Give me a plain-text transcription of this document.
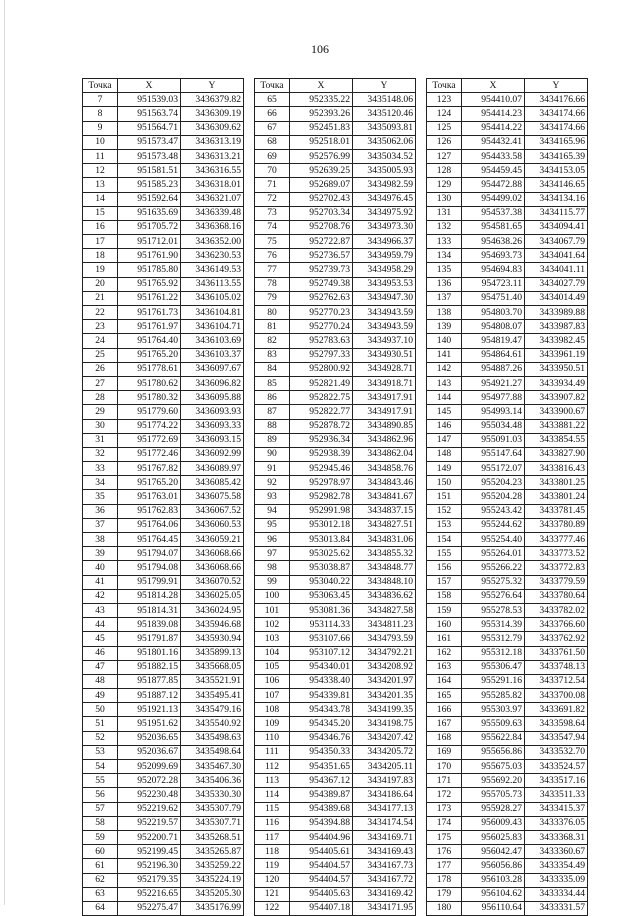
106
Точка	X	Y
7	951539.03	3436379.82
8	951563.74	3436309.19
9	951564.71	3436309.62
10	951573.47	3436313.19
11	951573.48	3436313.21
12	951581.51	3436316.55
13	951585.23	3436318.01
14	951592.64	3436321.07
15	951635.69	3436339.48
16	951705.72	3436368.16
17	951712.01	3436352.00
18	951761.90	3436230.53
19	951785.80	3436149.53
20	951765.92	3436113.55
21	951761.22	3436105.02
22	951761.73	3436104.81
23	951761.97	3436104.71
24	951764.40	3436103.69
25	951765.20	3436103.37
26	951778.61	3436097.67
27	951780.62	3436096.82
28	951780.32	3436095.88
29	951779.60	3436093.93
30	951774.22	3436093.33
31	951772.69	3436093.15
32	951772.46	3436092.99
33	951767.82	3436089.97
34	951765.20	3436085.42
35	951763.01	3436075.58
36	951762.83	3436067.52
37	951764.06	3436060.53
38	951764.45	3436059.21
39	951794.07	3436068.66
40	951794.08	3436068.66
41	951799.91	3436070.52
42	951814.28	3436025.05
43	951814.31	3436024.95
44	951839.08	3435946.68
45	951791.87	3435930.94
46	951801.16	3435899.13
47	951882.15	3435668.05
48	951877.85	3435521.91
49	951887.12	3435495.41
50	951921.13	3435479.16
51	951951.62	3435540.92
52	952036.65	3435498.63
53	952036.67	3435498.64
54	952099.69	3435467.30
55	952072.28	3435406.36
56	952230.48	3435330.30
57	952219.62	3435307.79
58	952219.57	3435307.71
59	952200.71	3435268.51
60	952199.45	3435265.87
61	952196.30	3435259.22
62	952179.35	3435224.19
63	952216.65	3435205.30
64	952275.47	3435176.99
Точка	X	Y
65	952335.22	3435148.06
66	952393.26	3435120.46
67	952451.83	3435093.81
68	952518.01	3435062.06
69	952576.99	3435034.52
70	952639.25	3435005.93
71	952689.07	3434982.59
72	952702.43	3434976.45
73	952703.34	3434975.92
74	952708.76	3434973.30
75	952722.87	3434966.37
76	952736.57	3434959.79
77	952739.73	3434958.29
78	952749.38	3434953.53
79	952762.63	3434947.30
80	952770.23	3434943.59
81	952770.24	3434943.59
82	952783.63	3434937.10
83	952797.33	3434930.51
84	952800.92	3434928.71
85	952821.49	3434918.71
86	952822.75	3434917.91
87	952822.77	3434917.91
88	952878.72	3434890.85
89	952936.34	3434862.96
90	952938.39	3434862.04
91	952945.46	3434858.76
92	952978.97	3434843.46
93	952982.78	3434841.67
94	952991.98	3434837.15
95	953012.18	3434827.51
96	953013.84	3434831.06
97	953025.62	3434855.32
98	953038.87	3434848.77
99	953040.22	3434848.10
100	953063.45	3434836.62
101	953081.36	3434827.58
102	953114.33	3434811.23
103	953107.66	3434793.59
104	953107.12	3434792.21
105	954340.01	3434208.92
106	954338.40	3434201.97
107	954339.81	3434201.35
108	954343.78	3434199.35
109	954345.20	3434198.75
110	954346.76	3434207.42
111	954350.33	3434205.72
112	954351.65	3434205.11
113	954367.12	3434197.83
114	954389.87	3434186.64
115	954389.68	3434177.13
116	954394.88	3434174.54
117	954404.96	3434169.71
118	954405.61	3434169.43
119	954404.57	3434167.73
120	954404.57	3434167.72
121	954405.63	3434169.42
122	954407.18	3434171.95
Точка	X	Y
123	954410.07	3434176.66
124	954414.23	3434174.66
125	954414.22	3434174.66
126	954432.41	3434165.96
127	954433.58	3434165.39
128	954459.45	3434153.05
129	954472.88	3434146.65
130	954499.02	3434134.16
131	954537.38	3434115.77
132	954581.65	3434094.41
133	954638.26	3434067.79
134	954693.73	3434041.64
135	954694.83	3434041.11
136	954723.11	3434027.79
137	954751.40	3434014.49
138	954803.70	3433989.88
139	954808.07	3433987.83
140	954819.47	3433982.45
141	954864.61	3433961.19
142	954887.26	3433950.51
143	954921.27	3433934.49
144	954977.88	3433907.82
145	954993.14	3433900.67
146	955034.48	3433881.22
147	955091.03	3433854.55
148	955147.64	3433827.90
149	955172.07	3433816.43
150	955204.23	3433801.25
151	955204.28	3433801.24
152	955243.42	3433781.45
153	955244.62	3433780.89
154	955254.40	3433777.46
155	955264.01	3433773.52
156	955266.22	3433772.83
157	955275.32	3433779.59
158	955276.64	3433780.64
159	955278.53	3433782.02
160	955314.39	3433766.60
161	955312.79	3433762.92
162	955312.18	3433761.50
163	955306.47	3433748.13
164	955291.16	3433712.54
165	955285.82	3433700.08
166	955303.97	3433691.82
167	955509.63	3433598.64
168	955622.84	3433547.94
169	955656.86	3433532.70
170	955675.03	3433524.57
171	955692.20	3433517.16
172	955705.73	3433511.33
173	955928.27	3433415.37
174	956009.43	3433376.05
175	956025.83	3433368.31
176	956042.47	3433360.67
177	956056.86	3433354.49
178	956103.28	3433335.09
179	956104.62	3433334.44
180	956110.64	3433331.57
